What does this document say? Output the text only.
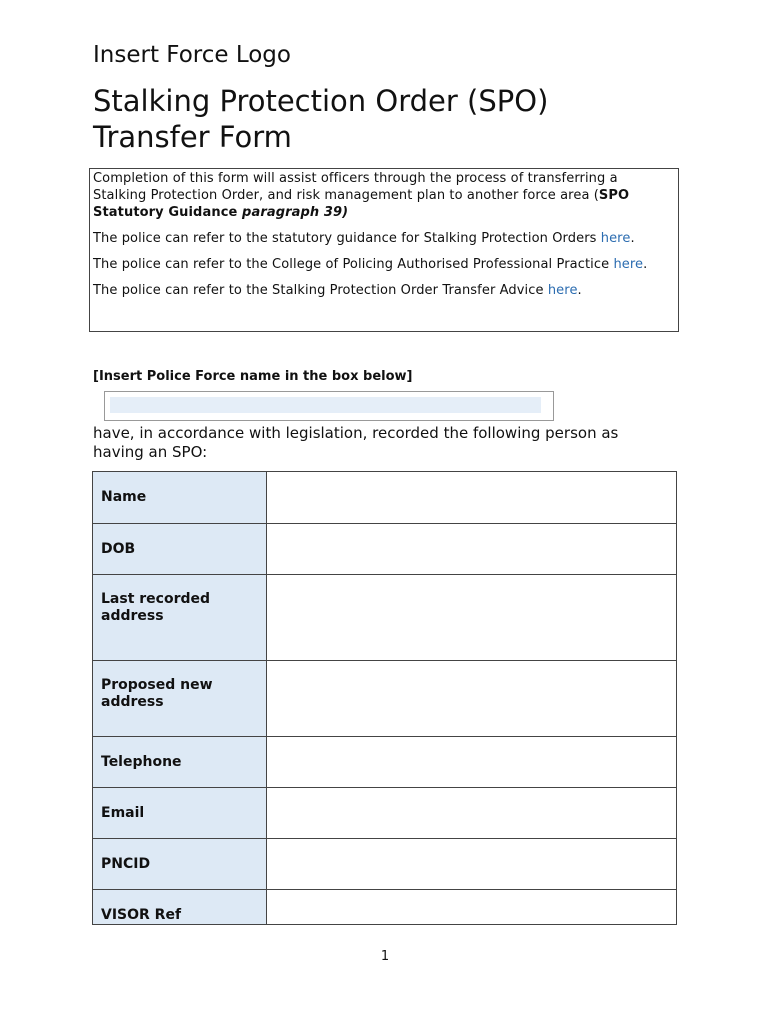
Insert Force Logo
Stalking Protection Order (SPO)
Transfer Form

Completion of this form will assist officers through the process of transferring a Stalking Protection Order, and risk management plan to another force area (SPO Statutory Guidance paragraph 39)

The police can refer to the statutory guidance for Stalking Protection Orders here.

The police can refer to the College of Policing Authorised Professional Practice here.

The police can refer to the Stalking Protection Order Transfer Advice here.

[Insert Police Force name in the box below]
have, in accordance with legislation, recorded the following person as having an SPO:
Name	
DOB	
Last recorded address	
Proposed new address	
Telephone	
Email	
PNCID	
VISOR Ref	
1
